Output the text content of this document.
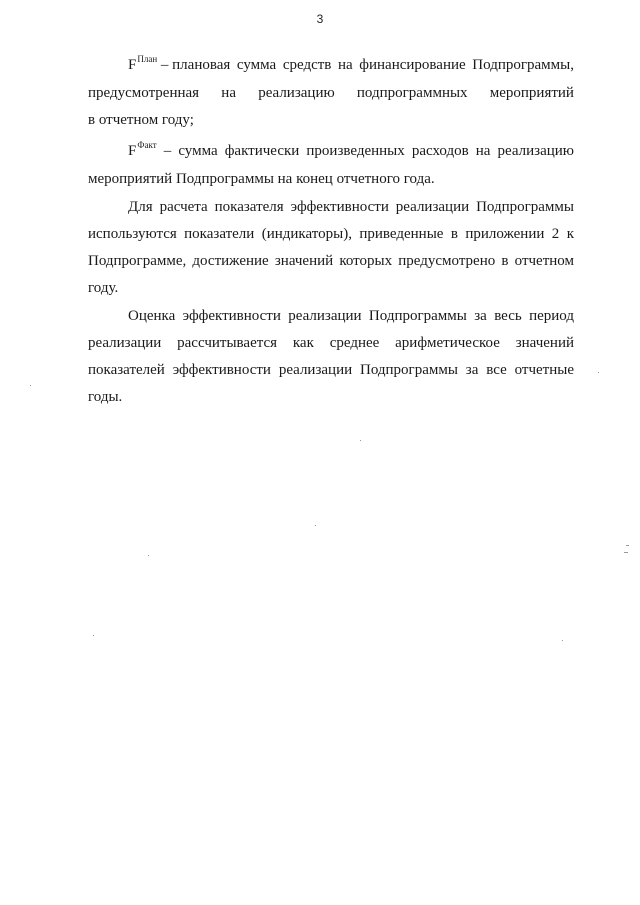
3
$F^{План}$ – плановая сумма средств на финансирование Подпрограммы,
предусмотренная на реализацию подпрограммных мероприятий
в отчетном году;

$F^{Факт}$ – сумма фактически произведенных расходов на реализацию мероприятий Подпрограммы на конец отчетного года.

Для расчета показателя эффективности реализации Подпрограммы используются показатели (индикаторы), приведенные в приложении 2 к Подпрограмме, достижение значений которых предусмотрено в отчетном году.

Оценка эффективности реализации Подпрограммы за весь период реализации рассчитывается как среднее арифметическое значений показателей эффективности реализации Подпрограммы за все отчетные годы.
